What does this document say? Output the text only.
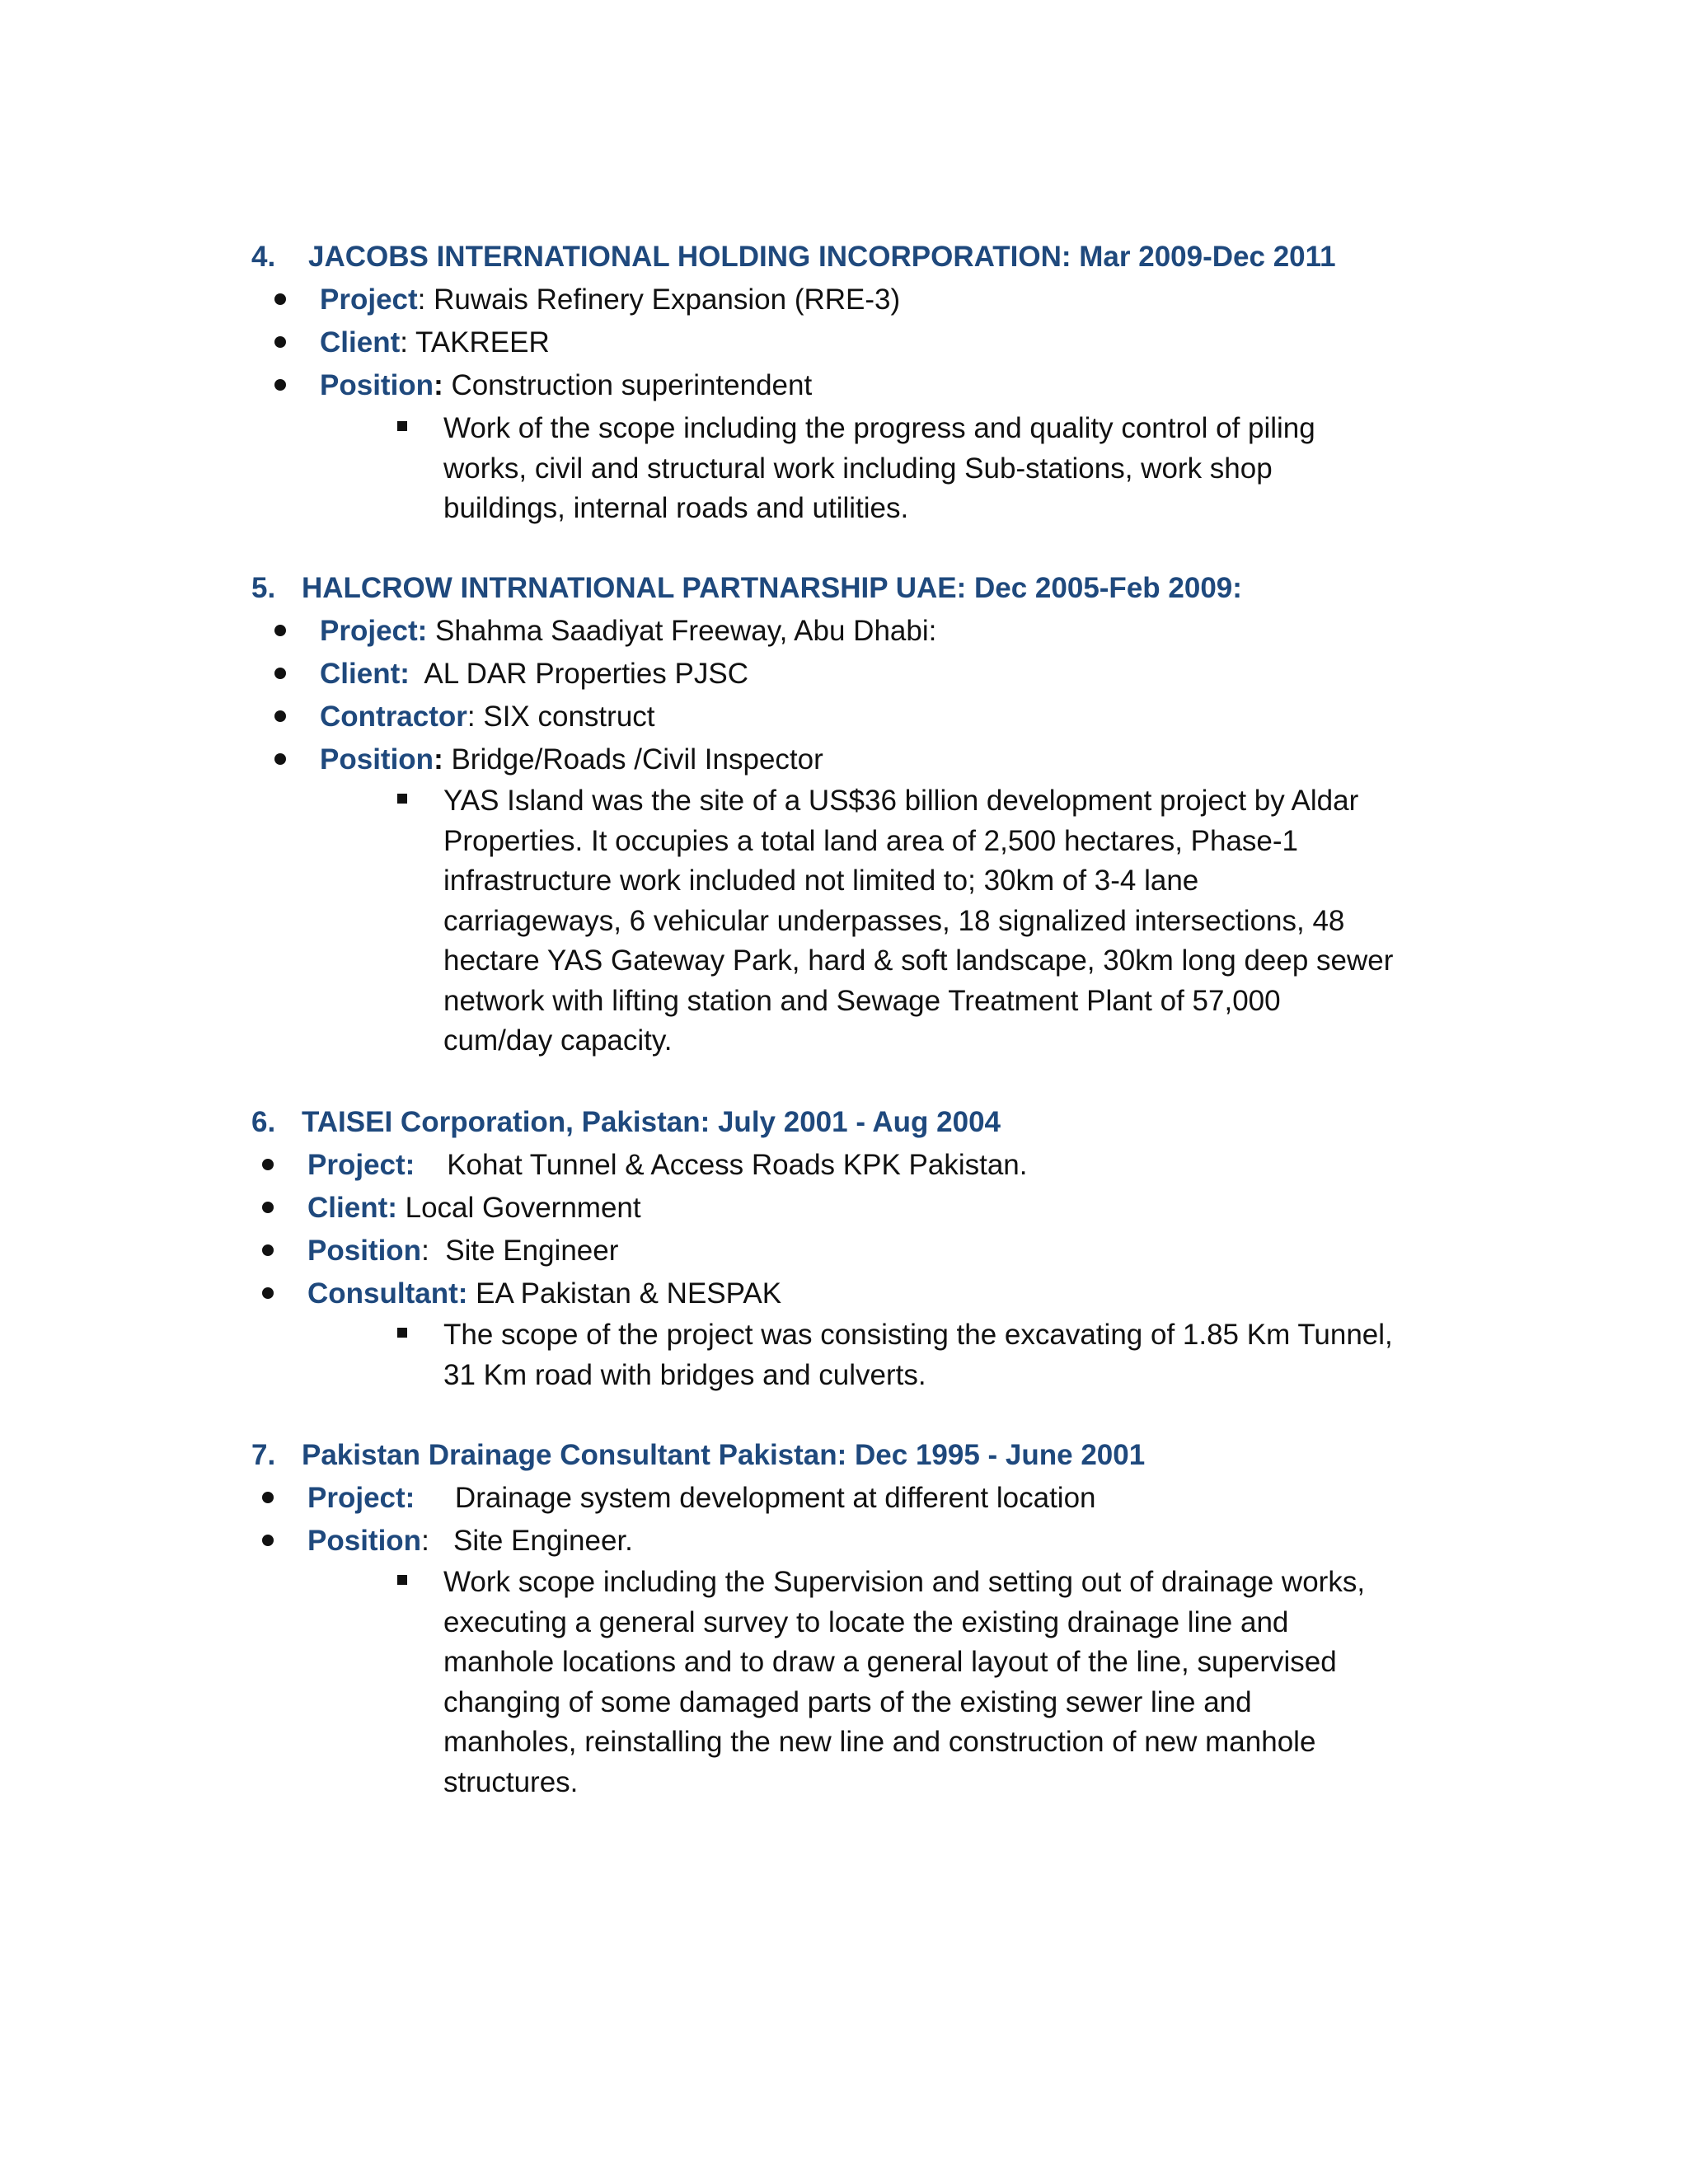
4. JACOBS INTERNATIONAL HOLDING INCORPORATION: Mar 2009-Dec 2011
Project: Ruwais Refinery Expansion (RRE-3)
Client: TAKREER
Position: Construction superintendent
Work of the scope including the progress and quality control of piling
works, civil and structural work including Sub-stations, work shop
buildings, internal roads and utilities.
5. HALCROW INTRNATIONAL PARTNARSHIP UAE: Dec 2005-Feb 2009:
Project: Shahma Saadiyat Freeway, Abu Dhabi:
Client:  AL DAR Properties PJSC
Contractor: SIX construct
Position: Bridge/Roads /Civil Inspector
YAS Island was the site of a US$36 billion development project by Aldar
Properties. It occupies a total land area of 2,500 hectares, Phase-1
infrastructure work included not limited to; 30km of 3-4 lane
carriageways, 6 vehicular underpasses, 18 signalized intersections, 48
hectare YAS Gateway Park, hard & soft landscape, 30km long deep sewer
network with lifting station and Sewage Treatment Plant of 57,000
cum/day capacity.
6. TAISEI Corporation, Pakistan: July 2001 - Aug 2004
Project:    Kohat Tunnel & Access Roads KPK Pakistan.
Client: Local Government
Position:  Site Engineer
Consultant: EA Pakistan & NESPAK
The scope of the project was consisting the excavating of 1.85 Km Tunnel,
31 Km road with bridges and culverts.
7. Pakistan Drainage Consultant Pakistan: Dec 1995 - June 2001
Project:     Drainage system development at different location
Position:   Site Engineer.
Work scope including the Supervision and setting out of drainage works,
executing a general survey to locate the existing drainage line and
manhole locations and to draw a general layout of the line, supervised
changing of some damaged parts of the existing sewer line and
manholes, reinstalling the new line and construction of new manhole
structures.
